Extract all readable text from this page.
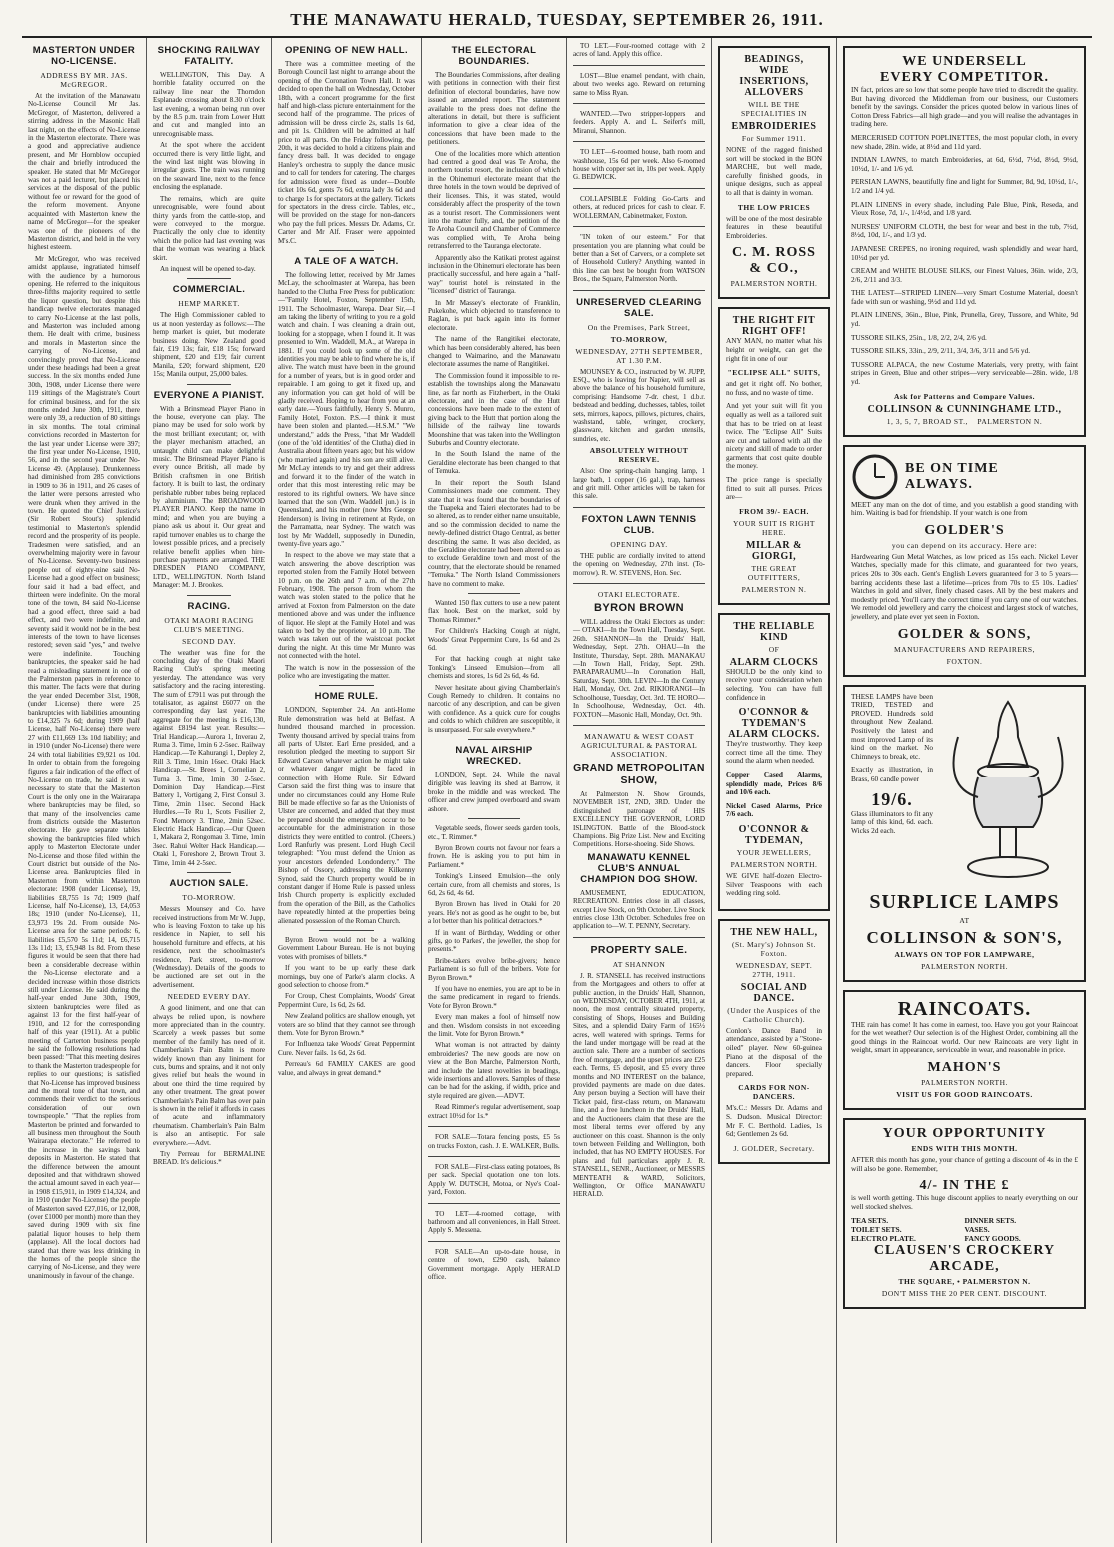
THE MANAWATU HERALD, TUESDAY, SEPTEMBER 26, 1911.
MASTERTON UNDER NO-LICENSE.
ADDRESS BY MR. JAS. McGREGOR.

At the invitation of the Manawatu No-License Council Mr Jas. McGregor, of Masterton, delivered a stirring address in the Masonic Hall last night, on the effects of No-License in the Masterton electorate. There was a good and appreciative audience present, and Mr Hornblow occupied the chair and briefly introduced the speaker. He stated that Mr McGregor was not a paid lecturer, but placed his services at the disposal of the public without fee or reward for the good of the reform movement. Anyone acquainted with Masterton knew the name of McGregor—for the speaker was one of the pioneers of the Masterton district, and held in the very highest esteem.

Mr McGregor, who was received amidst applause, ingratiated himself with the audience by a humorous opening. He referred to the iniquitous three-fifths majority required to settle the liquor question, but despite this handicap twelve electorates managed to carry No-License at the last polls, and Masterton was included among them. He dealt with crime, business and morals in Masterton since the carrying of No-License, and convincingly proved that No-License under these headings had been a great success. In the six months ended June 30th, 1908, under License there were 119 sittings of the Magistrate's Court for criminal business, and for the six months ended June 30th, 1911, there were only 39, a reduction of 80 sittings in six months. The total criminal convictions recorded in Masterton for the last year under License were 397; the first year under No-License, 1910, 56, and in the second year under No-License 49. (Applause). Drunkenness had diminished from 285 convictions in 1909 to 36 in 1911, and 26 cases of the latter were persons arrested who were drunk when they arrived in the town. He quoted the Chief Justice's (Sir Robert Stout's) splendid testimonial to Masterton's splendid record and the prosperity of its people. Tradesmen were satisfied, and an overwhelming majority were in favour of No-License. Seventy-two business people out of eighty-nine said No-License had a good effect on business; four said it had a bad effect, and thirteen were indefinite. On the moral tone of the town, 84 said No-License had a good effect, three said a bad effect, and two were indefinite, and seventy said it would not be in the best interests of the town to have licenses restored; seven said "yes," and twelve were indefinite. Touching bankruptcies, the speaker said he had read a misleading statement in one of the Palmerston papers in reference to this matter. The facts were that during the year ended December 31st, 1908, (under License) there were 25 bankruptcies with liabilities amounting to £14,325 7s 6d; during 1909 (half License, half No-License) there were 27 with £11,669 13s 10d liability; and in 1910 (under No-License) there were 24 with total liabilities £9,921 os 10d. In order to obtain from the foregoing figures a fair indication of the effect of No-License on trade, he said it was necessary to state that the Masterton Court is the only one in the Wairarapa where bankruptcies may be filed, so that many of the insolvencies came from districts outside the Masterton electorate. He gave separate tables showing the bankruptcies filed which apply to Masterton Electorate under No-License and those filed within the Court district but outside of the No-License area. Bankruptcies filed in Masterton from within Masterton electorate: 1908 (under License), 19, liabilities £8,755 1s 7d; 1909 (half License, half No-License), 13, £4,053 18s; 1910 (under No-License), 11, £3,973 19s 2d. From outside No-License area for the same periods: 6, liabilities £5,570 5s 11d; 14, £6,715 13s 11d; 13, £5,948 1s 8d. From these figures it would be seen that there had been a considerable decrease within the No-License electorate and a decided increase within those districts still under License. He said during the half-year ended June 30th, 1909, sixteen bankruptcies were filed as against 13 for the first half-year of 1910, and 12 for the corresponding half of this year (1911). At a public meeting of Carterton business people he said the following resolutions had been passed: "That this meeting desires to thank the Masterton tradespeople for replies to our questions; is satisfied that No-License has improved business and the moral tone of that town, and commends their verdict to the serious consideration of our own townspeople." "That the replies from Masterton be printed and forwarded to all business men throughout the South Wairarapa electorate." He referred to the increase in the savings bank deposits in Masterton. He stated that the difference between the amount deposited and that withdrawn showed the actual amount saved in each year—in 1908 £15,911, in 1909 £14,324, and in 1910 (under No-License) the people of Masterton saved £27,016, or 12,008, (over £1000 per month) more than they saved during 1909 with six fine palatial liquor houses to help them (applause). All the local doctors had stated that there was less drinking in the homes of the people since the carrying of No-License, and they were unanimously in favour of the change.

SHOCKING RAILWAY FATALITY.

WELLINGTON, This Day. A horrible fatality occurred on the railway line near the Thorndon Esplanade crossing about 8.30 o'clock last evening, a woman being run over by the 8.5 p.m. train from Lower Hutt and cut and mangled into an unrecognisable mass.

At the spot where the accident occurred there is very little light, and the wind last night was blowing in irregular gusts. The train was running on the seaward line, next to the fence enclosing the esplanade.

The remains, which are quite unrecognisable, were found about thirty yards from the cattle-stop, and were conveyed to the morgue. Practically the only clue to identity which the police had last evening was that the woman was wearing a black skirt.

An inquest will be opened to-day.

COMMERCIAL.
HEMP MARKET.

The High Commissioner cabled to us at noon yesterday as follows:—The hemp market is quiet, but moderate business doing. New Zealand good fair, £19 13s; fair, £18 15s; forward shipment, £20 and £19; fair current Manila, £20; forward shipment, £20 15s; Manila output, 25,000 bales.

EVERYONE A PIANIST.

With a Brinsmead Player Piano in the house, everyone can play. The piano may be used for solo work by the most brilliant executant; or, with the player mechanism attached, an untaught child can make delightful music. The Brinsmead Player Piano is every ounce British, all made by British craftsmen in one British factory. It is built to last, the ordinary perishable rubber tubes being replaced by aluminium. The BROADWOOD PLAYER PIANO. Keep the name in mind; and when you are buying a piano ask us about it. Our great and rapid turnover enables us to charge the lowest possible prices, and a precisely relative benefit applies when hire-purchase payments are arranged. THE DRESDEN PIANO COMPANY, LTD., WELLINGTON. North Island Manager: M. J. Brookes.

RACING.
OTAKI MAORI RACING CLUB'S MEETING.
SECOND DAY.

The weather was fine for the concluding day of the Otaki Maori Racing Club's spring meeting yesterday. The attendance was very satisfactory and the racing interesting. The sum of £7911 was put through the totalisator, as against £6077 on the corresponding day last year. The aggregate for the meeting is £16,130, against £8194 last year. Results:— Trial Handicap.—Aurora 1, Inverau 2, Ruma 3. Time, 1min 6 2-5sec. Railway Handicap.—Te Kahurangi 1, Depley 2, Rill 3. Time, 1min 16sec. Otaki Hack Handicap.—St. Brees 1, Cornelian 2, Turna 3. Time, 1min 30 2-5sec. Dominion Day Handicap.—First Battery 1, Vortigang 2, First Consul 3. Time, 2min 11sec. Second Hack Hurdles.—Te Ru 1, Scots Fusilier 2, Fond Memory 3. Time, 2min 52sec. Electric Hack Handicap.—Our Queen 1, Makara 2, Rongomau 3. Time, 1min 3sec. Rahui Welter Hack Handicap.—Otaki 1, Foreshore 2, Brown Trout 3. Time, 1min 44 2-5sec.

AUCTION SALE.
TO-MORROW.

Messrs Mounsey and Co. have received instructions from Mr W. Jupp, who is leaving Foxton to take up his residence in Napier, to sell his household furniture and effects, at his residence, next the schoolmaster's residence, Park street, to-morrow (Wednesday). Details of the goods to be auctioned are set out in the advertisement.

NEEDED EVERY DAY.

A good liniment, and one that can always be relied upon, is nowhere more appreciated than in the country. Scarcely a week passes but some member of the family has need of it. Chamberlain's Pain Balm is more widely known than any liniment for cuts, burns and sprains, and it not only gives relief but heals the wound in about one third the time required by any other treatment. The great power Chamberlain's Pain Balm has over pain is shown in the relief it affords in cases of acute and inflammatory rheumatism. Chamberlain's Pain Balm is also an antiseptic. For sale everywhere.—Advt.

Try Perreau for BERMALINE BREAD. It's delicious.*

OPENING OF NEW HALL.

There was a committee meeting of the Borough Council last night to arrange about the opening of the Coronation Town Hall. It was decided to open the hall on Wednesday, October 18th, with a concert programme for the first half and high-class picture entertainment for the second half of the programme. The prices of admission will be dress circle 2s, stalls 1s 6d, and pit 1s. Children will be admitted at half price to all parts. On the Friday following, the 20th, it was decided to hold a citizens plain and fancy dress ball. It was decided to engage Hanley's orchestra to supply the dance music and to call for tenders for catering. The charges for admission were fixed as under—Double ticket 10s 6d, gents 7s 6d, extra lady 3s 6d and to charge 1s for spectators at the gallery. Tickets for spectators in the dress circle. Tables, etc., will be provided on the stage for non-dancers who pay the full prices. Messrs Dr. Adams, Cr. Carter and Mr Alf. Fraser were appointed M's.C.

A TALE OF A WATCH.

The following letter, received by Mr James McLay, the schoolmaster at Warepa, has been handed to the Clutha Free Press for publication:—"Family Hotel, Foxton, September 15th, 1911. The Schoolmaster, Warepa. Dear Sir,—I am taking the liberty of writing to you re a gold watch and chain. I was cleaning a drain out, looking for a stoppage, when I found it. It was presented to Wm. Waddell, M.A., at Warepa in 1881. If you could look up some of the old identities you may be able to find where he is, if alive. The watch must have been in the ground for a number of years, but is in good order and repairable. I am going to get it fixed up, and any information you can get hold of will be gladly received. Hoping to hear from you at an early date.—Yours faithfully, Henry S. Munro, Family Hotel, Foxton. P.S.—I think it must have been stolen and planted.—H.S.M." "We understand," adds the Press, "that Mr Waddell (one of the 'old identities' of the Clutha) died in Australia about fifteen years ago; but his widow (who married again) and his son are still alive. Mr McLay intends to try and get their address and forward it to the finder of the watch in order that this most interesting relic may be restored to its rightful owners. We have since learned that the son (Wm. Waddell jun.) is in Queensland, and his mother (now Mrs George Henderson) is living in retirement at Ryde, on the Parramatta, near Sydney. The watch was lost by Mr Waddell, supposedly in Dunedin, twenty-five years ago."

In respect to the above we may state that a watch answering the above description was reported stolen from the Family Hotel between 10 p.m. on the 26th and 7 a.m. of the 27th February, 1908. The person from whom the watch was stolen stated to the police that he arrived at Foxton from Palmerston on the date mentioned above and was under the influence of liquor. He slept at the Family Hotel and was taken to bed by the proprietor, at 10 p.m. The watch was taken out of the waistcoat pocket during the night. At this time Mr Munro was not connected with the hotel.

The watch is now in the possession of the police who are investigating the matter.

HOME RULE.

LONDON, September 24. An anti-Home Rule demonstration was held at Belfast. A hundred thousand marched in procession. Twenty thousand arrived by special trains from all parts of Ulster. Earl Erne presided, and a resolution pledged the meeting to support Sir Edward Carson whatever action he might take or whatever danger might be faced in connection with Home Rule. Sir Edward Carson said the first thing was to insure that under no circumstances could any Home Rule Bill be made effective so far as the Unionists of Ulster are concerned, and added that they must be prepared should the emergency occur to be accountable for the administration in those districts they were entitled to control. (Cheers.) Lord Ranfurly was present. Lord Hugh Cecil telegraphed: "You must defend the Union as your ancestors defended Londonderry." The Bishop of Ossory, addressing the Kilkenny Synod, said the Church property would be in constant danger if Home Rule is passed unless Irish Church property is explicitly excluded from the operation of the Bill, as the Catholics have repeatedly hinted at the properties being alienated possession of the Roman Church.

Byron Brown would not be a walking Government Labour Bureau. He is not buying votes with promises of billets.*

If you want to be up early these dark mornings, buy one of Parke's alarm clocks. A good selection to choose from.*

For Croup, Chest Complaints, Woods' Great Peppermint Cure, 1s 6d, 2s 6d.

New Zealand politics are shallow enough, yet voters are so blind that they cannot see through them. Vote for Byron Brown.*

For Influenza take Woods' Great Peppermint Cure. Never fails. 1s 6d, 2s 6d.

Perreau's 6d FAMILY CAKES are good value, and always in great demand.*

THE ELECTORAL BOUNDARIES.

The Boundaries Commissions, after dealing with petitions in connection with their first definition of electoral boundaries, have now issued an amended report. The statement available to the press does not define the alterations in detail, but there is sufficient information to give a clear idea of the concessions that have been made to the petitioners.

One of the localities more which attention had centred a good deal was Te Aroha, the northern tourist resort, the inclusion of which in the Ohinemuri electorate meant that the three hotels in the town would be deprived of their licenses. This, it was stated, would considerably affect the prosperity of the town as a tourist resort. The Commissioners went into the matter fully, and, the petition of the Te Aroha Council and Chamber of Commerce was complied with, Te Aroha being retransferred to the Tauranga electorate.

Apparently also the Katikati protest against inclusion in the Ohinemuri electorate has been practically successful, and here again a "half-way" tourist hotel is reinstated in the "licensed" district of Tauranga.

In Mr Massey's electorate of Franklin, Pukekohe, which objected to transference to Raglan, is put back again into its former electorate.

The name of the Rangitikei electorate, which has been considerably altered, has been changed to Waimarino, and the Manawatu electorate assumes the name of Rangitikei.

The Commission found it impossible to re-establish the townships along the Manawatu line, as far north as Fitzherbert, in the Otaki electorate, and in the case of the Hutt concessions have been made to the extent of giving back to the Hutt that portion along the hillside of the railway line towards Moonshine that was taken into the Wellington Suburbs and Country electorate.

In the South Island the name of the Geraldine electorate has been changed to that of Temuka.

In their report the South Island Commissioners made one comment. They state that it was found that the boundaries of the Tuapeka and Taieri electorates had to be so altered, as to render either name unsuitable, and so the commission decided to name the newly-defined district Otago Central, as better describing the same. It was also decided, as the Geraldine electorate had been altered so as to exclude Geraldine town and most of the country, that the electorate should be renamed "Temuka." The North Island Commissioners have no comment to make.

Wanted 150 flax cutters to use a new patent flax hook. Best on the market, sold by Thomas Rimmer.*

For Children's Hacking Cough at night, Woods' Great Peppermint Cure, 1s 6d and 2s 6d.

For that hacking cough at night take Tonking's Linseed Emulsion—from all chemists and stores, 1s 6d 2s 6d, 4s 6d.

Never hesitate about giving Chamberlain's Cough Remedy to children. It contains no narcotic of any description, and can be given with confidence. As a quick cure for coughs and colds to which children are susceptible, it is unsurpassed. For sale everywhere.*

NAVAL AIRSHIP WRECKED.

LONDON, Sept. 24. While the naval dirigible was leaving its shed at Barrow, it broke in the middle and was wrecked. The officer and crew jumped overboard and swam ashore.

Vegetable seeds, flower seeds garden tools, etc., T. Rimmer.*

Byron Brown courts not favour nor fears a frown. He is asking you to put him in Parliament.*

Tonking's Linseed Emulsion—the only certain cure, from all chemists and stores, 1s 6d, 2s 6d, 4s 6d.

Byron Brown has lived in Otaki for 20 years. He's not as good as he ought to be, but a lot better than his political detractors.*

If in want of Birthday, Wedding or other gifts, go to Parkes', the jeweller, the shop for presents.*

Bribe-takers evolve bribe-givers; hence Parliament is so full of the bribers. Vote for Byron Brown.*

If you have no enemies, you are apt to be in the same predicament in regard to friends. Vote for Byron Brown.*

Every man makes a fool of himself now and then. Wisdom consists in not exceeding the limit. Vote for Byron Brown.*

What woman is not attracted by dainty embroideries? The new goods are now on view at the Bon Marche, Palmerston North, and include the latest novelties in beadings, wide insertions and allovers. Samples of these can be had for the asking, if width, price and style required are given.—ADVT.

Read Rimmer's regular advertisement, soap extract 10½d for 1s.*

FOR SALE—Totara fencing posts, £5 5s on trucks Foxton, cash. J. E. WALKER, Bulls.

FOR SALE—First-class eating potatoes, 8s per sack. Special quotation one ton lots. Apply W. DUTSCH, Motoa, or Nye's Coal-yard, Foxton.

TO LET—4-roomed cottage, with bathroom and all conveniences, in Hall Street. Apply S. Messena.

FOR SALE—An up-to-date house, in centre of town, £290 cash, balance Government mortgage. Apply HERALD office.

TO LET.—Four-roomed cottage with 2 acres of land. Apply this office.

LOST—Blue enamel pendant, with chain, about two weeks ago. Reward on returning same to Miss Ryan.

WANTED.—Two stripper-loppers and feeders. Apply A. and L. Seifert's mill, Miranui, Shannon.

TO LET—6-roomed house, bath room and washhouse, 15s 6d per week. Also 6-roomed house with copper set in, 10s per week. Apply G. BEDWICK.

COLLAPSIBLE Folding Go-Carts and others, at reduced prices for cash to clear. F. WOLLERMAN, Cabinetmaker, Foxton.

"IN token of our esteem." For that presentation you are planning what could be better than a Set of Carvers, or a complete set of Household Cutlery? Anything wanted in this line can best be bought from WATSON Bros., the Square, Palmerston North.

UNRESERVED CLEARING SALE.
On the Premises, Park Street,
TO-MORROW,
WEDNESDAY, 27TH SEPTEMBER, AT 1.30 P.M.

MOUNSEY & CO., instructed by W. JUPP, ESQ., who is leaving for Napier, will sell as above the balance of his household furniture, comprising: Handsome 7-dr. chest, 1 d.b.r. bedstead and bedding, duchesses, tables, toilet sets, mirrors, kapocs, pillows, pictures, chairs, washstand, table, wringer, crockery, glassware, kitchen and garden utensils, sundries, etc.

ABSOLUTELY WITHOUT RESERVE.

Also: One spring-chain hanging lamp, 1 large bath, 1 copper (16 gal.), trap, harness and grit mill. Other articles will be taken for this sale.

FOXTON LAWN TENNIS CLUB.
OPENING DAY.

THE public are cordially invited to attend the opening on Wednesday, 27th inst. (To-morrow). R. W. STEVENS, Hon. Sec.

OTAKI ELECTORATE.
BYRON BROWN

WILL address the Otaki Electors as under:— OTAKI—In the Town Hall, Tuesday, Sept. 26th. SHANNON—In the Druids' Hall, Wednesday, Sept. 27th. OHAU—In the Institute, Thursday, Sept. 28th. MANAKAU—In Town Hall, Friday, Sept. 29th. PARAPARAUMU—In Coronation Hall, Saturday, Sept. 30th. LEVIN—In the Century Hall, Monday, Oct. 2nd. RIKIORANGI—In Schoolhouse, Tuesday, Oct. 3rd. TE HORO—In Schoolhouse, Wednesday, Oct. 4th. FOXTON—Masonic Hall, Monday, Oct. 9th.

MANAWATU & WEST COAST AGRICULTURAL & PASTORAL ASSOCIATION.
GRAND METROPOLITAN SHOW,

At Palmerston N. Show Grounds, NOVEMBER 1ST, 2ND, 3RD. Under the distinguished patronage of HIS EXCELLENCY THE GOVERNOR, LORD ISLINGTON. Battle of the Blood-stock Champions. Big Prize List. New and Exciting Competitions. Horse-shoeing. Side Shows.

MANAWATU KENNEL CLUB'S ANNUAL CHAMPION DOG SHOW.

AMUSEMENT, EDUCATION, RECREATION. Entries close in all classes, except Live Stock, on 9th October. Live Stock entries close 13th October. Schedules free on application to—W. T. PENNY, Secretary.

PROPERTY SALE.
AT SHANNON

J. R. STANSELL has received instructions from the Mortgagees and others to offer at public auction, in the Druids' Hall, Shannon, on WEDNESDAY, OCTOBER 4TH, 1911, at noon, the most centrally situated property, consisting of Shops, Houses and Building Sites, and a splendid Dairy Farm of 165½ acres, well watered with springs. Terms for the land under mortgage will be read at the auction sale. There are a number of sections free of mortgage, and the upset prices are £25 each. Terms, £5 deposit, and £5 every three months and NO INTEREST on the balance, provided payments are made on due dates. Any person buying a Section will have their Ticket paid, first-class return, on Manawatu line, and a free luncheon in the Druids' Hall, and the Auctioneers claim that these are the most liberal terms ever offered by any auctioneer on this coast. Shannon is the only town between Feilding and Wellington, both included, that has NO EMPTY HOUSES. For plans and full particulars apply J. R. STANSELL, SENR., Auctioneer, or MESSRS MENTEATH & WARD, Solicitors, Wellington, Or Office MANAWATU HERALD.

BEADINGS,
WIDE INSERTIONS,
ALLOVERS
WILL BE THE SPECIALITIES IN
EMBROIDERIES
For Summer 1911.
NONE of the ragged finished sort will be stocked in the BON MARCHE, but well made, carefully finished goods, in unique designs, such as appeal to all that is dainty in woman.
THE LOW PRICES
will be one of the most desirable features in these beautiful Embroideries.
C. M. ROSS & CO.,
PALMERSTON NORTH.
THE RIGHT FIT
RIGHT OFF!
ANY MAN, no matter what his height or weight, can get the right fit in one of our
"ECLIPSE ALL" SUITS,
and get it right off. No bother, no fuss, and no waste of time.
And yet your suit will fit you equally as well as a tailored suit that has to be tried on at least twice. The "Eclipse All" Suits are cut and tailored with all the nicety and skill of made to order garments that cost quite double the money.
The price range is specially fitted to suit all purses. Prices are—
FROM 39/- EACH.
YOUR SUIT IS RIGHT HERE.
MILLAR & GIORGI,
THE GREAT OUTFITTERS,
PALMERSTON N.
THE RELIABLE KIND
OF
ALARM CLOCKS
SHOULD be the only kind to receive your consideration when selecting. You can have full confidence in
O'CONNOR & TYDEMAN'S
ALARM CLOCKS.
They're trustworthy. They keep correct time all the time. They sound the alarm when needed.
Copper Cased Alarms, splendidly made, Prices 8/6 and 10/6 each.
Nickel Cased Alarms, Price 7/6 each.
O'CONNOR & TYDEMAN,
YOUR JEWELLERS,
PALMERSTON NORTH.
WE GIVE half-dozen Electro-Silver Teaspoons with each wedding ring sold.
THE NEW HALL,
(St. Mary's) Johnson St. Foxton.
WEDNESDAY, SEPT. 27TH, 1911.
SOCIAL AND DANCE.
(Under the Auspices of the Catholic Church).
Conlon's Dance Band in attendance, assisted by a "Stone-oiled" player. New 60-guinea Piano at the disposal of the dancers. Floor specially prepared.
CARDS FOR NON-DANCERS.
M's.C.: Messrs Dr. Adams and S. Dudson. Musical Director: Mr F. C. Berthold. Ladies, 1s 6d; Gentlemen 2s 6d.
J. GOLDER, Secretary.
WE UNDERSELL
EVERY COMPETITOR.
IN fact, prices are so low that some people have tried to discredit the quality. But having divorced the Middleman from our business, our Customers benefit by the savings. Consider the prices quoted below in various lines of Cotton Dress Fabrics—all high grade—and you will realise the advantages in trading here.
MERCERISED COTTON POPLINETTES, the most popular cloth, in every new shade, 28in. wide, at 8½d and 11d yard.
INDIAN LAWNS, to match Embroideries, at 6d, 6½d, 7½d, 8½d, 9½d, 10½d, 1/- and 1/6 yd.
PERSIAN LAWNS, beautifully fine and light for Summer, 8d, 9d, 10½d, 1/-, 1/2 and 1/4 yd.
PLAIN LINENS in every shade, including Pale Blue, Pink, Reseda, and Vieux Rose, 7d, 1/-, 1/4½d, and 1/8 yard.
NURSES' UNIFORM CLOTH, the best for wear and best in the tub, 7½d, 8½d, 10d, 1/-, and 1/3 yd.
JAPANESE CREPES, no ironing required, wash splendidly and wear hard, 10½d per yd.
CREAM and WHITE BLOUSE SILKS, our Finest Values, 36in. wide, 2/3, 2/6, 2/11 and 3/3.
THE LATEST—STRIPED LINEN—very Smart Costume Material, doesn't fade with sun or washing, 9½d and 11d yd.
PLAIN LINENS, 36in., Blue, Pink, Prunella, Grey, Tussore, and White, 9d yd.
TUSSORE SILKS, 25in., 1/8, 2/2, 2/4, 2/6 yd.
TUSSORE SILKS, 33in., 2/9, 2/11, 3/4, 3/6, 3/11 and 5/6 yd.
TUSSORE ALPACA, the new Costume Materials, very pretty, with faint stripes in Green, Blue and other stripes—very serviceable—28in. wide, 1/8 yd.
Ask for Patterns and Compare Values.
COLLINSON & CUNNINGHAME LTD.,
1, 3, 5, 7, BROAD ST., PALMERSTON N.
BE ON TIME
ALWAYS.
MEET any man on the dot of time, and you establish a good standing with him. Waiting is bad for friendship. If your watch is one from
GOLDER'S
you can depend on its accuracy. Here are:
Hardwearing Gun Metal Watches, as low priced as 15s each. Nickel Lever Watches, specially made for this climate, and guaranteed for two years, prices 20s to 30s each. Gent's English Levers guaranteed for 3 to 5 years—barring accidents these last a lifetime—prices from 70s to £5 10s. Ladies' Watches in gold and silver, finely chased cases. All by the best makers and modestly priced. You'll carry the correct time if you carry one of our watches. We remodel old jewellery and carry the choicest and largest stock of watches, jewellery, and plate ever yet seen in Foxton.
GOLDER & SONS,
MANUFACTURERS AND REPAIRERS,
FOXTON.
THESE LAMPS have been TRIED, TESTED and PROVED. Hundreds sold throughout New Zealand. Positively the latest and most improved Lamp of its kind on the market. No Chimneys to break, etc.
Exactly as illustration, in Brass, 60 candle power
19/6.
Glass illuminators to fit any lamp of this kind, 6d. each. Wicks 2d each.
SURPLICE LAMPS
AT
COLLINSON & SON'S,
ALWAYS ON TOP FOR LAMPWARE,
PALMERSTON NORTH.
RAINCOATS.
THE rain has come! It has come in earnest, too. Have you got your Raincoat for the wet weather? Our selection is of the Highest Order, combining all the good things in the Raincoat world. Our new Raincoats are very light in weight, smart in appearance, serviceable in wear, and reasonable in price.
MAHON'S
PALMERSTON NORTH.
VISIT US FOR GOOD RAINCOATS.
YOUR OPPORTUNITY
ENDS WITH THIS MONTH.
AFTER this month has gone, your chance of getting a discount of 4s in the £ will also be gone. Remember,
4/- IN THE £
is well worth getting. This huge discount applies to nearly everything on our well stocked shelves.
TEA SETS.	DINNER SETS.
TOILET SETS.	VASES.
ELECTRO PLATE.	FANCY GOODS.
CLAUSEN'S CROCKERY
ARCADE,
THE SQUARE, • PALMERSTON N.
DON'T MISS THE 20 PER CENT. DISCOUNT.
